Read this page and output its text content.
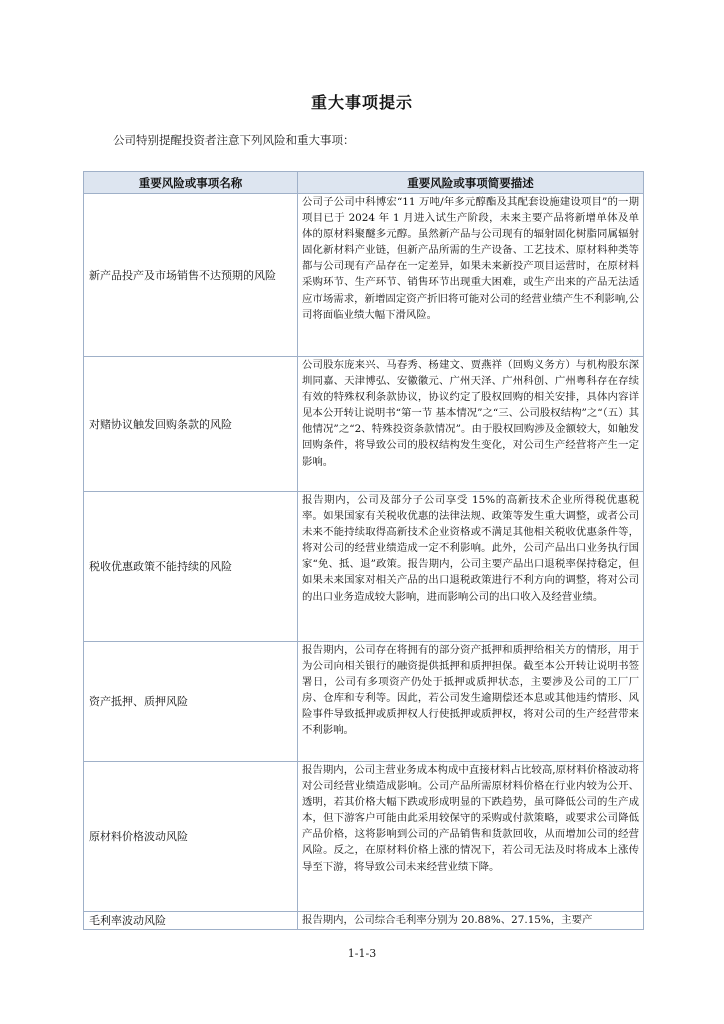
重大事项提示
公司特别提醒投资者注意下列风险和重大事项：
重要风险或事项名称	重要风险或事项简要描述
新产品投产及市场销售不达预期的风险	公司子公司中科博宏“11 万吨/年多元醇酯及其配套设施建设项目”的一期项目已于 2024 年 1 月进入试生产阶段，未来主要产品将新增单体及单体的原材料聚醚多元醇。虽然新产品与公司现有的辐射固化树脂同属辐射固化新材料产业链，但新产品所需的生产设备、工艺技术、原材料种类等都与公司现有产品存在一定差异，如果未来新投产项目运营时，在原材料采购环节、生产环节、销售环节出现重大困难，或生产出来的产品无法适应市场需求，新增固定资产折旧将可能对公司的经营业绩产生不利影响,公司将面临业绩大幅下滑风险。
对赌协议触发回购条款的风险	公司股东庞来兴、马春秀、杨建文、贾燕祥（回购义务方）与机构股东深圳同嘉、天津博弘、安徽徽元、广州天泽、广州科创、广州粤科存在存续有效的特殊权利条款协议，协议约定了股权回购的相关安排，具体内容详见本公开转让说明书“第一节 基本情况”之“三、公司股权结构”之“（五）其他情况”之“2、特殊投资条款情况”。由于股权回购涉及金额较大，如触发回购条件，将导致公司的股权结构发生变化，对公司生产经营将产生一定影响。
税收优惠政策不能持续的风险	报告期内，公司及部分子公司享受 15%的高新技术企业所得税优惠税率。如果国家有关税收优惠的法律法规、政策等发生重大调整，或者公司未来不能持续取得高新技术企业资格或不满足其他相关税收优惠条件等，将对公司的经营业绩造成一定不利影响。此外，公司产品出口业务执行国家“免、抵、退”政策。报告期内，公司主要产品出口退税率保持稳定，但如果未来国家对相关产品的出口退税政策进行不利方向的调整，将对公司的出口业务造成较大影响，进而影响公司的出口收入及经营业绩。
资产抵押、质押风险	报告期内，公司存在将拥有的部分资产抵押和质押给相关方的情形，用于为公司向相关银行的融资提供抵押和质押担保。截至本公开转让说明书签署日，公司有多项资产仍处于抵押或质押状态，主要涉及公司的工厂厂房、仓库和专利等。因此，若公司发生逾期偿还本息或其他违约情形、风险事件导致抵押或质押权人行使抵押或质押权，将对公司的生产经营带来不利影响。
原材料价格波动风险	报告期内，公司主营业务成本构成中直接材料占比较高,原材料价格波动将对公司经营业绩造成影响。公司产品所需原材料价格在行业内较为公开、透明，若其价格大幅下跌或形成明显的下跌趋势，虽可降低公司的生产成本，但下游客户可能由此采用较保守的采购或付款策略，或要求公司降低产品价格，这将影响到公司的产品销售和货款回收，从而增加公司的经营风险。反之，在原材料价格上涨的情况下，若公司无法及时将成本上涨传导至下游，将导致公司未来经营业绩下降。
毛利率波动风险	报告期内，公司综合毛利率分别为 20.88%、27.15%，主要产
1-1-3
